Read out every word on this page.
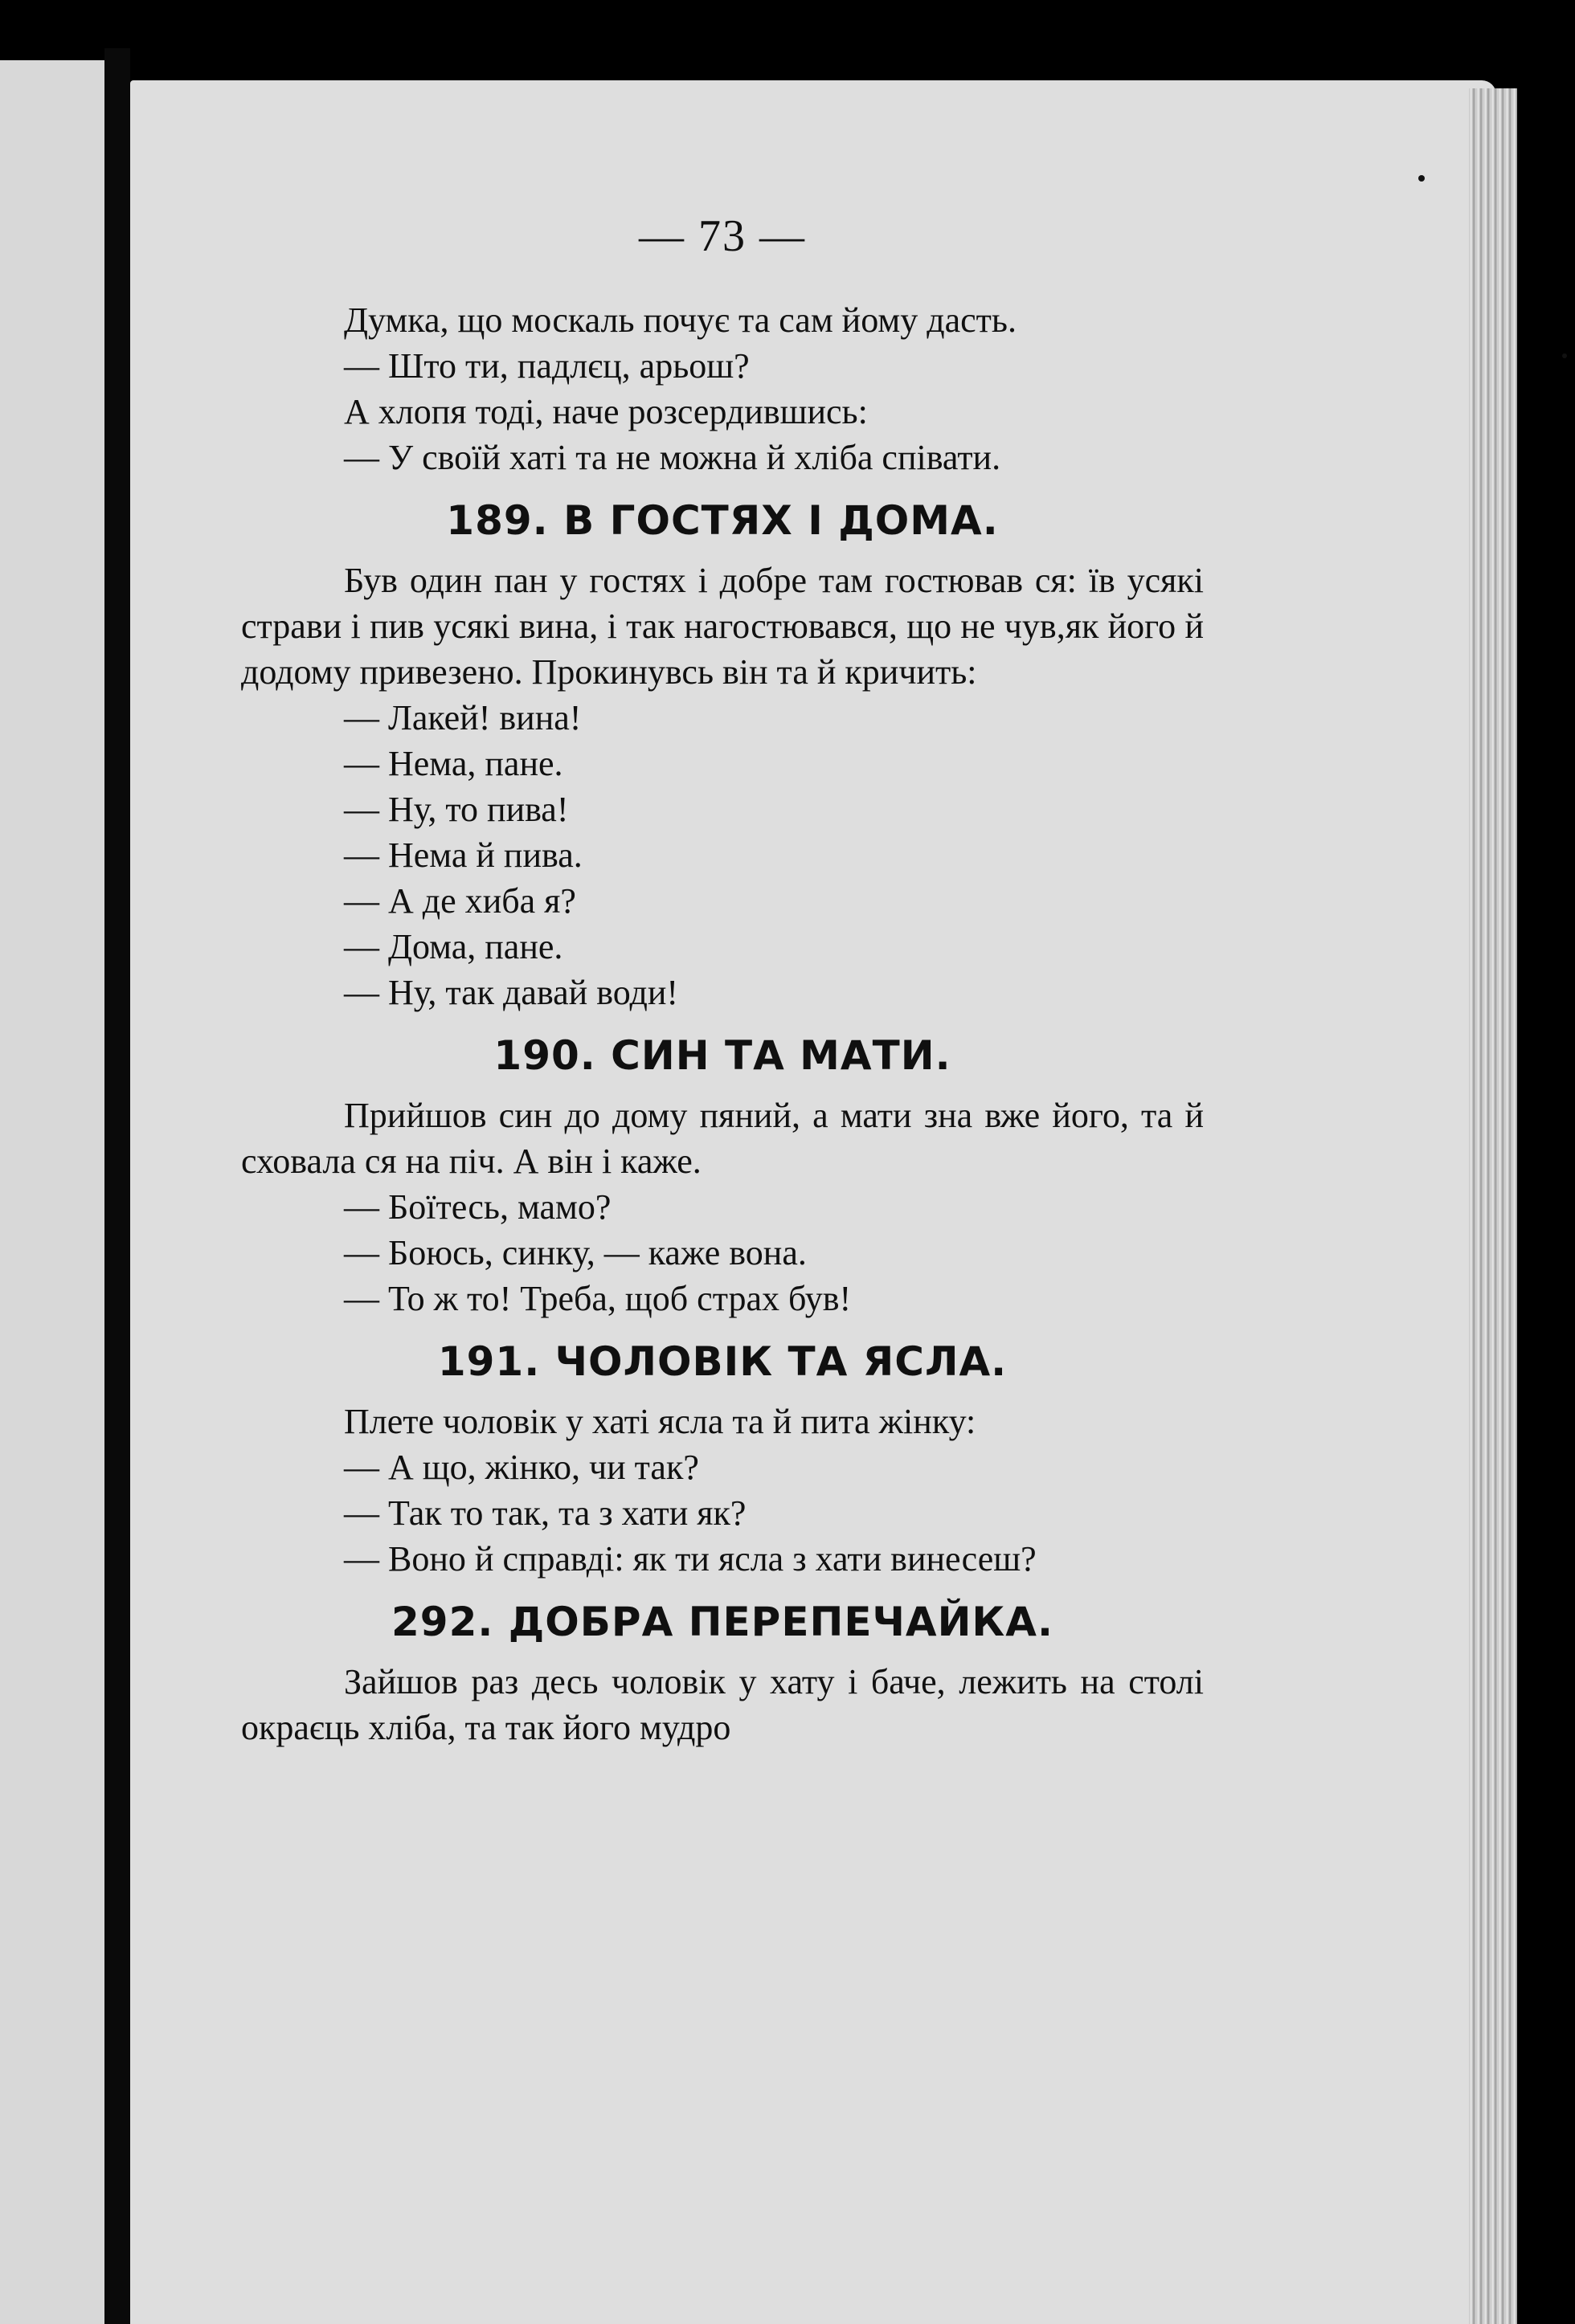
— 73 —

Думка, що москаль почує та сам йому дасть.

— Што ти, падлєц, арьош?

А хлопя тоді, наче розсердившись:

— У своїй хаті та не можна й хліба співати.

189. В ГОСТЯХ І ДОМА.

Був один пан у гостях і добре там гостював ся: їв усякі страви і пив усякі вина, і так нагостювався, що не чув,як його й додому привезено. Прокинувсь він та й кричить:

— Лакей! вина!

— Нема, пане.

— Ну, то пива!

— Нема й пива.

— А де хиба я?

— Дома, пане.

— Ну, так давай води!

190. СИН ТА МАТИ.

Прийшов син до дому пяний, а мати зна вже його, та й сховала ся на піч. А він і каже.

— Боїтесь, мамо?

— Боюсь, синку, — каже вона.

— То ж то! Треба, щоб страх був!

191. ЧОЛОВІК ТА ЯСЛА.

Плете чоловік у хаті ясла та й пита жінку:

— А що, жінко, чи так?

— Так то так, та з хати як?

— Воно й справді: як ти ясла з хати винесеш?

292. ДОБРА ПЕРЕПЕЧАЙКА.

Зайшов раз десь чоловік у хату і баче, лежить на столі окраєць хліба, та так його мудро
